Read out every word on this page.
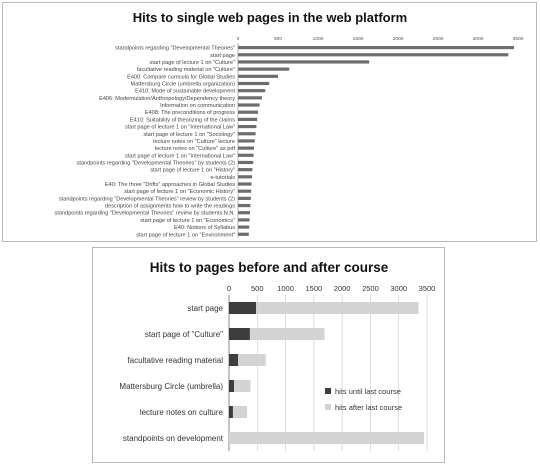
Hits to single web pages in the web platform
0	500	1000	1500	2000	2500	3000	3500
standpoints regarding "Developmental Theories"
start page
start page of lecture 1 on "Culture"
facultative reading material on "Culture"
E400: Compare curricula for Global Studies
Mattersburg Circle (umbrella organization)
E410: Mode of sustainable development
E406: Modernization/Anthropology/Dependency theory
Information on communication
E408: The preconditions of progress
E410: Suitability of theorizing of the claims
start page of lecture 1 on "International Law"
start page of lecture 1 on "Sociology"
lecture notes on "Culture" lecture
lecture notes on "Culture" as pdf
start page of lecture 1 on "International Law"
standpoints regarding "Developmental Theories" by students (2)
start page of lecture 1 on "History"
e-tutorials
E40: The three "Drifts" approaches in Global Studies
start page of lecture 1 on "Economic History"
standpoints regarding "Developmental Theories" review by students (2)
description of assignments how to write the readings
standpoints regarding "Developmental Theories" review by students N.N.
start page of lecture 1 on "Economics"
E40: Notions of Syllabus
start page of lecture 1 on "Environment"
Hits to pages before and after course
0	500 1000 1500 2000 2500 3000 3500
start page
start page of "Culture"
facultative reading material
Mattersburg Circle (umbrella)
lecture notes on culture
standpoints on development
hits until last course
hits after last course
